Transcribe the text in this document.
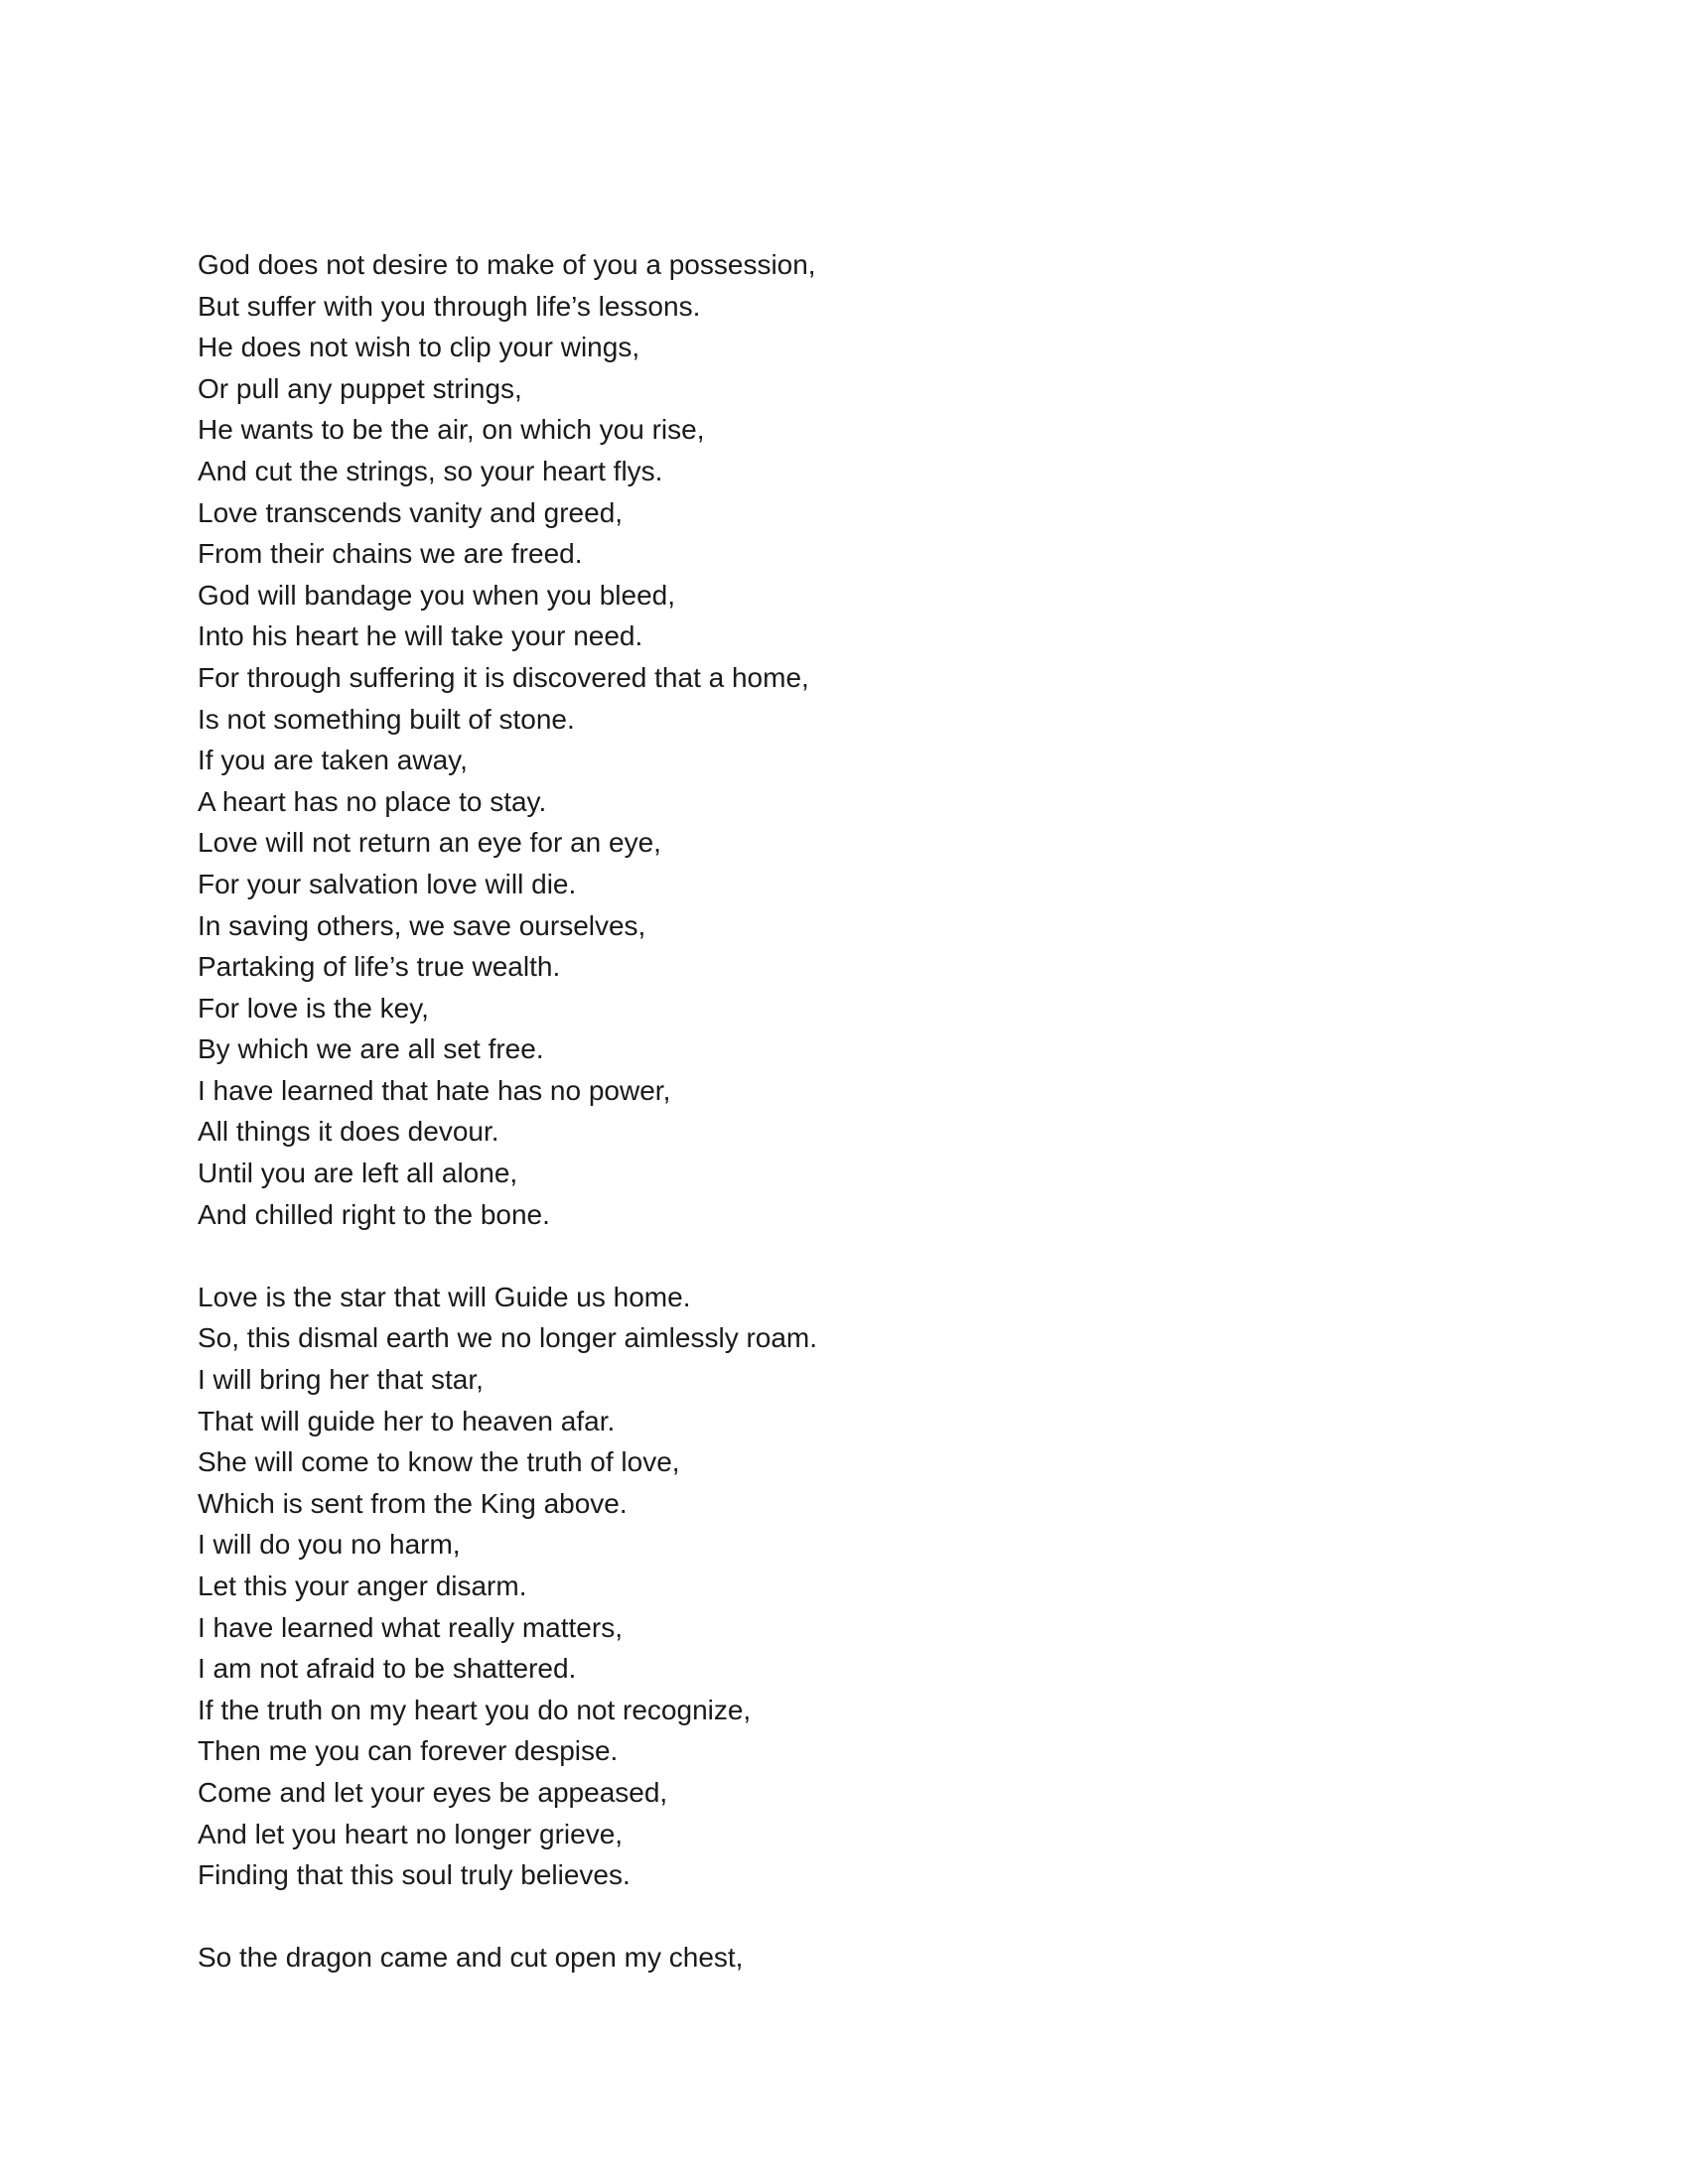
God does not desire to make of you a possession,
But suffer with you through life’s lessons.
He does not wish to clip your wings,
Or pull any puppet strings,
He wants to be the air, on which you rise,
And cut the strings, so your heart flys.
Love transcends vanity and greed,
From their chains we are freed.
God will bandage you when you bleed,
Into his heart he will take your need.
For through suffering it is discovered that a home,
Is not something built of stone.
If you are taken away,
A heart has no place to stay.
Love will not return an eye for an eye,
For your salvation love will die.
In saving others, we save ourselves,
Partaking of life’s true wealth.
For love is the key,
By which we are all set free.
I have learned that hate has no power,
All things it does devour.
Until you are left all alone,
And chilled right to the bone.
Love is the star that will Guide us home.
So, this dismal earth we no longer aimlessly roam.
I will bring her that star,
That will guide her to heaven afar.
She will come to know the truth of love,
Which is sent from the King above.
I will do you no harm,
Let this your anger disarm.
I have learned what really matters,
I am not afraid to be shattered.
If the truth on my heart you do not recognize,
Then me you can forever despise.
Come and let your eyes be appeased,
And let you heart no longer grieve,
Finding that this soul truly believes.
So the dragon came and cut open my chest,
